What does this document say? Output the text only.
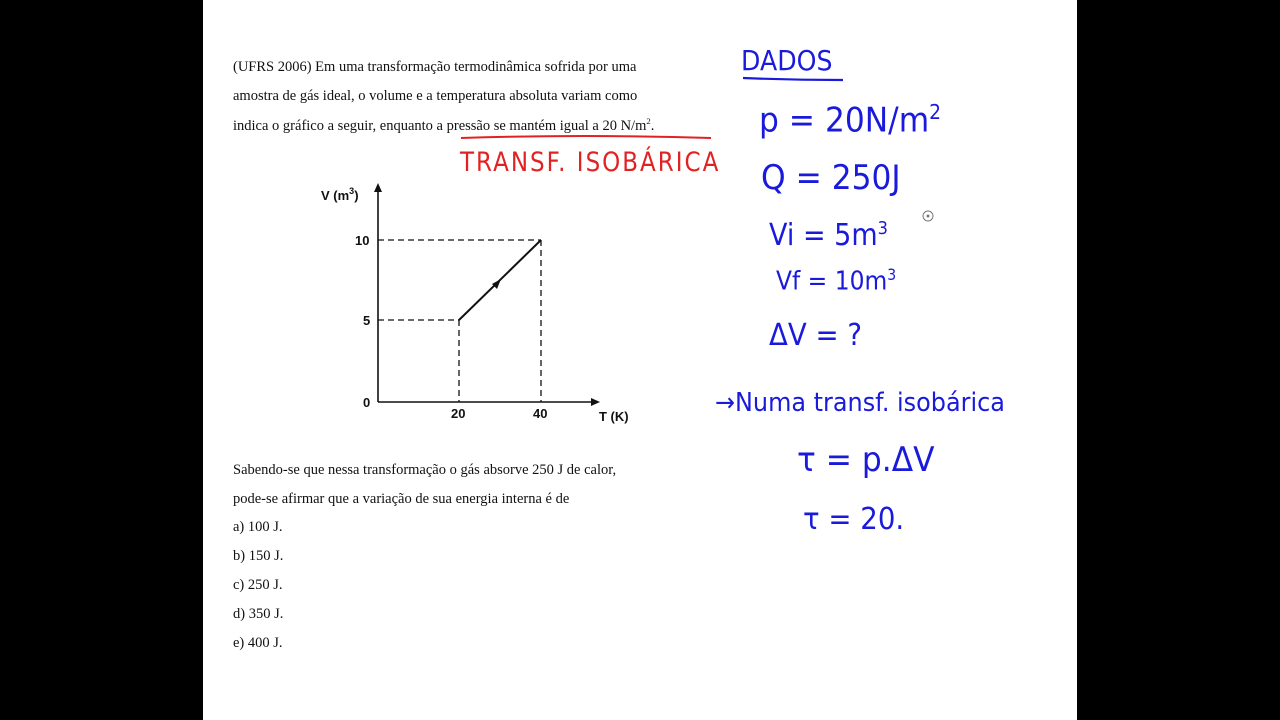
(UFRS 2006) Em uma transformação termodinâmica sofrida por uma
amostra de gás ideal, o volume e a temperatura absoluta variam como
indica o gráfico a seguir, enquanto a pressão se mantém igual a 20 $N/m^2$.
TRANSF. ISOBÁRICA
V $(m^3)$
T (K)
10
5
0
20	40
Sabendo-se que nessa transformação o gás absorve 250 J de calor,
pode-se afirmar que a variação de sua energia interna é de
a) 100 J.
b) 150 J.
c) 250 J.
d) 350 J.
e) 400 J.
DADOS
$p = 20N/m^2$
Q = 250J
$Vi = 5m^3$
$Vf = 10m^3$
ΔV = ?
→Numa transf. isobárica
τ = p.ΔV
τ = 20.
